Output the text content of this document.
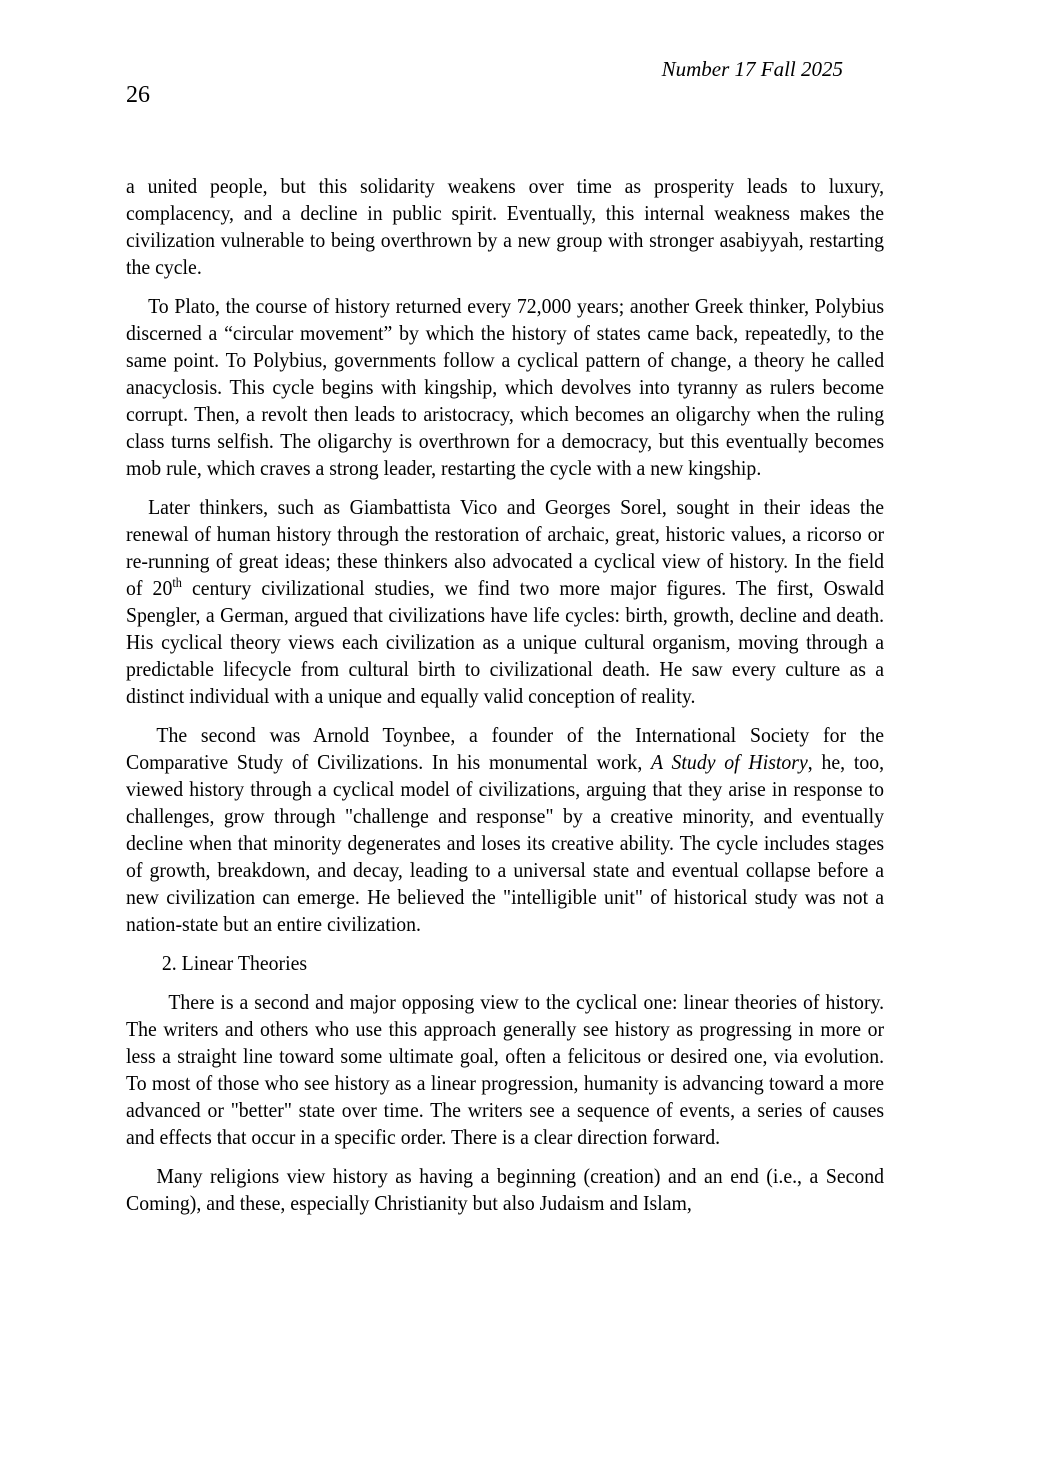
Number 17 Fall 2025
26

a united people, but this solidarity weakens over time as prosperity leads to luxury, complacency, and a decline in public spirit. Eventually, this internal weakness makes the civilization vulnerable to being overthrown by a new group with stronger asabiyyah, restarting the cycle.

To Plato, the course of history returned every 72,000 years; another Greek thinker, Polybius discerned a “circular movement” by which the history of states came back, repeatedly, to the same point. To Polybius, governments follow a cyclical pattern of change, a theory he called anacyclosis. This cycle begins with kingship, which devolves into tyranny as rulers become corrupt. Then, a revolt then leads to aristocracy, which becomes an oligarchy when the ruling class turns selfish. The oligarchy is overthrown for a democracy, but this eventually becomes mob rule, which craves a strong leader, restarting the cycle with a new kingship.

Later thinkers, such as Giambattista Vico and Georges Sorel, sought in their ideas the renewal of human history through the restoration of archaic, great, historic values, a ricorso or re-running of great ideas; these thinkers also advocated a cyclical view of history. In the field of 20th century civilizational studies, we find two more major figures. The first, Oswald Spengler, a German, argued that civilizations have life cycles: birth, growth, decline and death. His cyclical theory views each civilization as a unique cultural organism, moving through a predictable lifecycle from cultural birth to civilizational death. He saw every culture as a distinct individual with a unique and equally valid conception of reality.

The second was Arnold Toynbee, a founder of the International Society for the Comparative Study of Civilizations. In his monumental work, A Study of History, he, too, viewed history through a cyclical model of civilizations, arguing that they arise in response to challenges, grow through "challenge and response" by a creative minority, and eventually decline when that minority degenerates and loses its creative ability. The cycle includes stages of growth, breakdown, and decay, leading to a universal state and eventual collapse before a new civilization can emerge. He believed the "intelligible unit" of historical study was not a nation-state but an entire civilization.

2. Linear Theories

There is a second and major opposing view to the cyclical one: linear theories of history. The writers and others who use this approach generally see history as progressing in more or less a straight line toward some ultimate goal, often a felicitous or desired one, via evolution. To most of those who see history as a linear progression, humanity is advancing toward a more advanced or "better" state over time. The writers see a sequence of events, a series of causes and effects that occur in a specific order. There is a clear direction forward.

Many religions view history as having a beginning (creation) and an end (i.e., a Second Coming), and these, especially Christianity but also Judaism and Islam,
